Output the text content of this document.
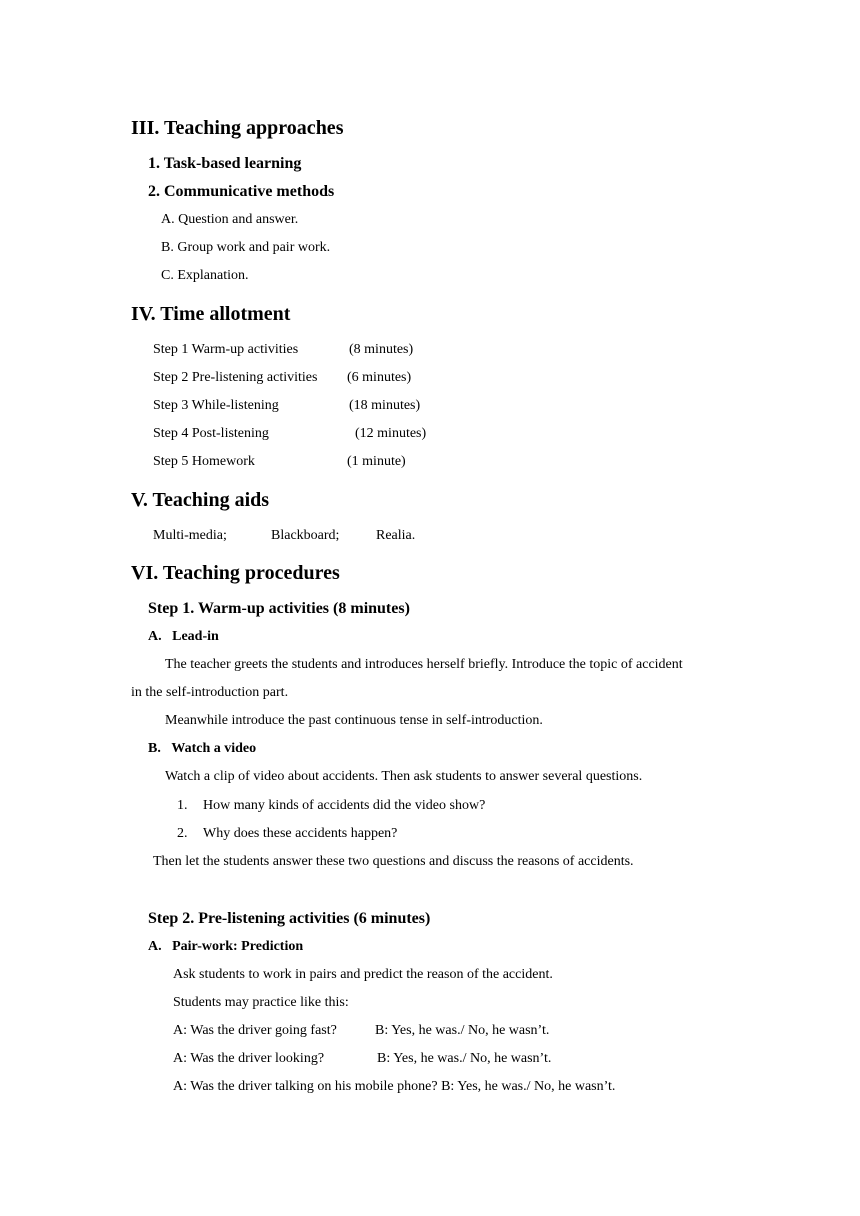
III. Teaching approaches
1. Task-based learning
2. Communicative methods
A. Question and answer.
B. Group work and pair work.
C. Explanation.
IV. Time allotment
Step 1 Warm-up activities	(8 minutes)
Step 2 Pre-listening activities (6 minutes)
Step 3 While-listening	(18 minutes)
Step 4 Post-listening	(12 minutes)
Step 5 Homework	(1 minute)
V. Teaching aids
Multi-media;	Blackboard;	Realia.
VI. Teaching procedures
Step 1. Warm-up activities (8 minutes)
A.   Lead-in
The teacher greets the students and introduces herself briefly. Introduce the topic of accident
in the self-introduction part.
Meanwhile introduce the past continuous tense in self-introduction.
B.   Watch a video
Watch a clip of video about accidents. Then ask students to answer several questions.
1. How many kinds of accidents did the video show?
2. Why does these accidents happen?
Then let the students answer these two questions and discuss the reasons of accidents.
Step 2. Pre-listening activities (6 minutes)
A.   Pair-work: Prediction
Ask students to work in pairs and predict the reason of the accident.
Students may practice like this:
A: Was the driver going fast?	B: Yes, he was./ No, he wasn’t.
A: Was the driver looking?	B: Yes, he was./ No, he wasn’t.
A: Was the driver talking on his mobile phone? B: Yes, he was./ No, he wasn’t.
